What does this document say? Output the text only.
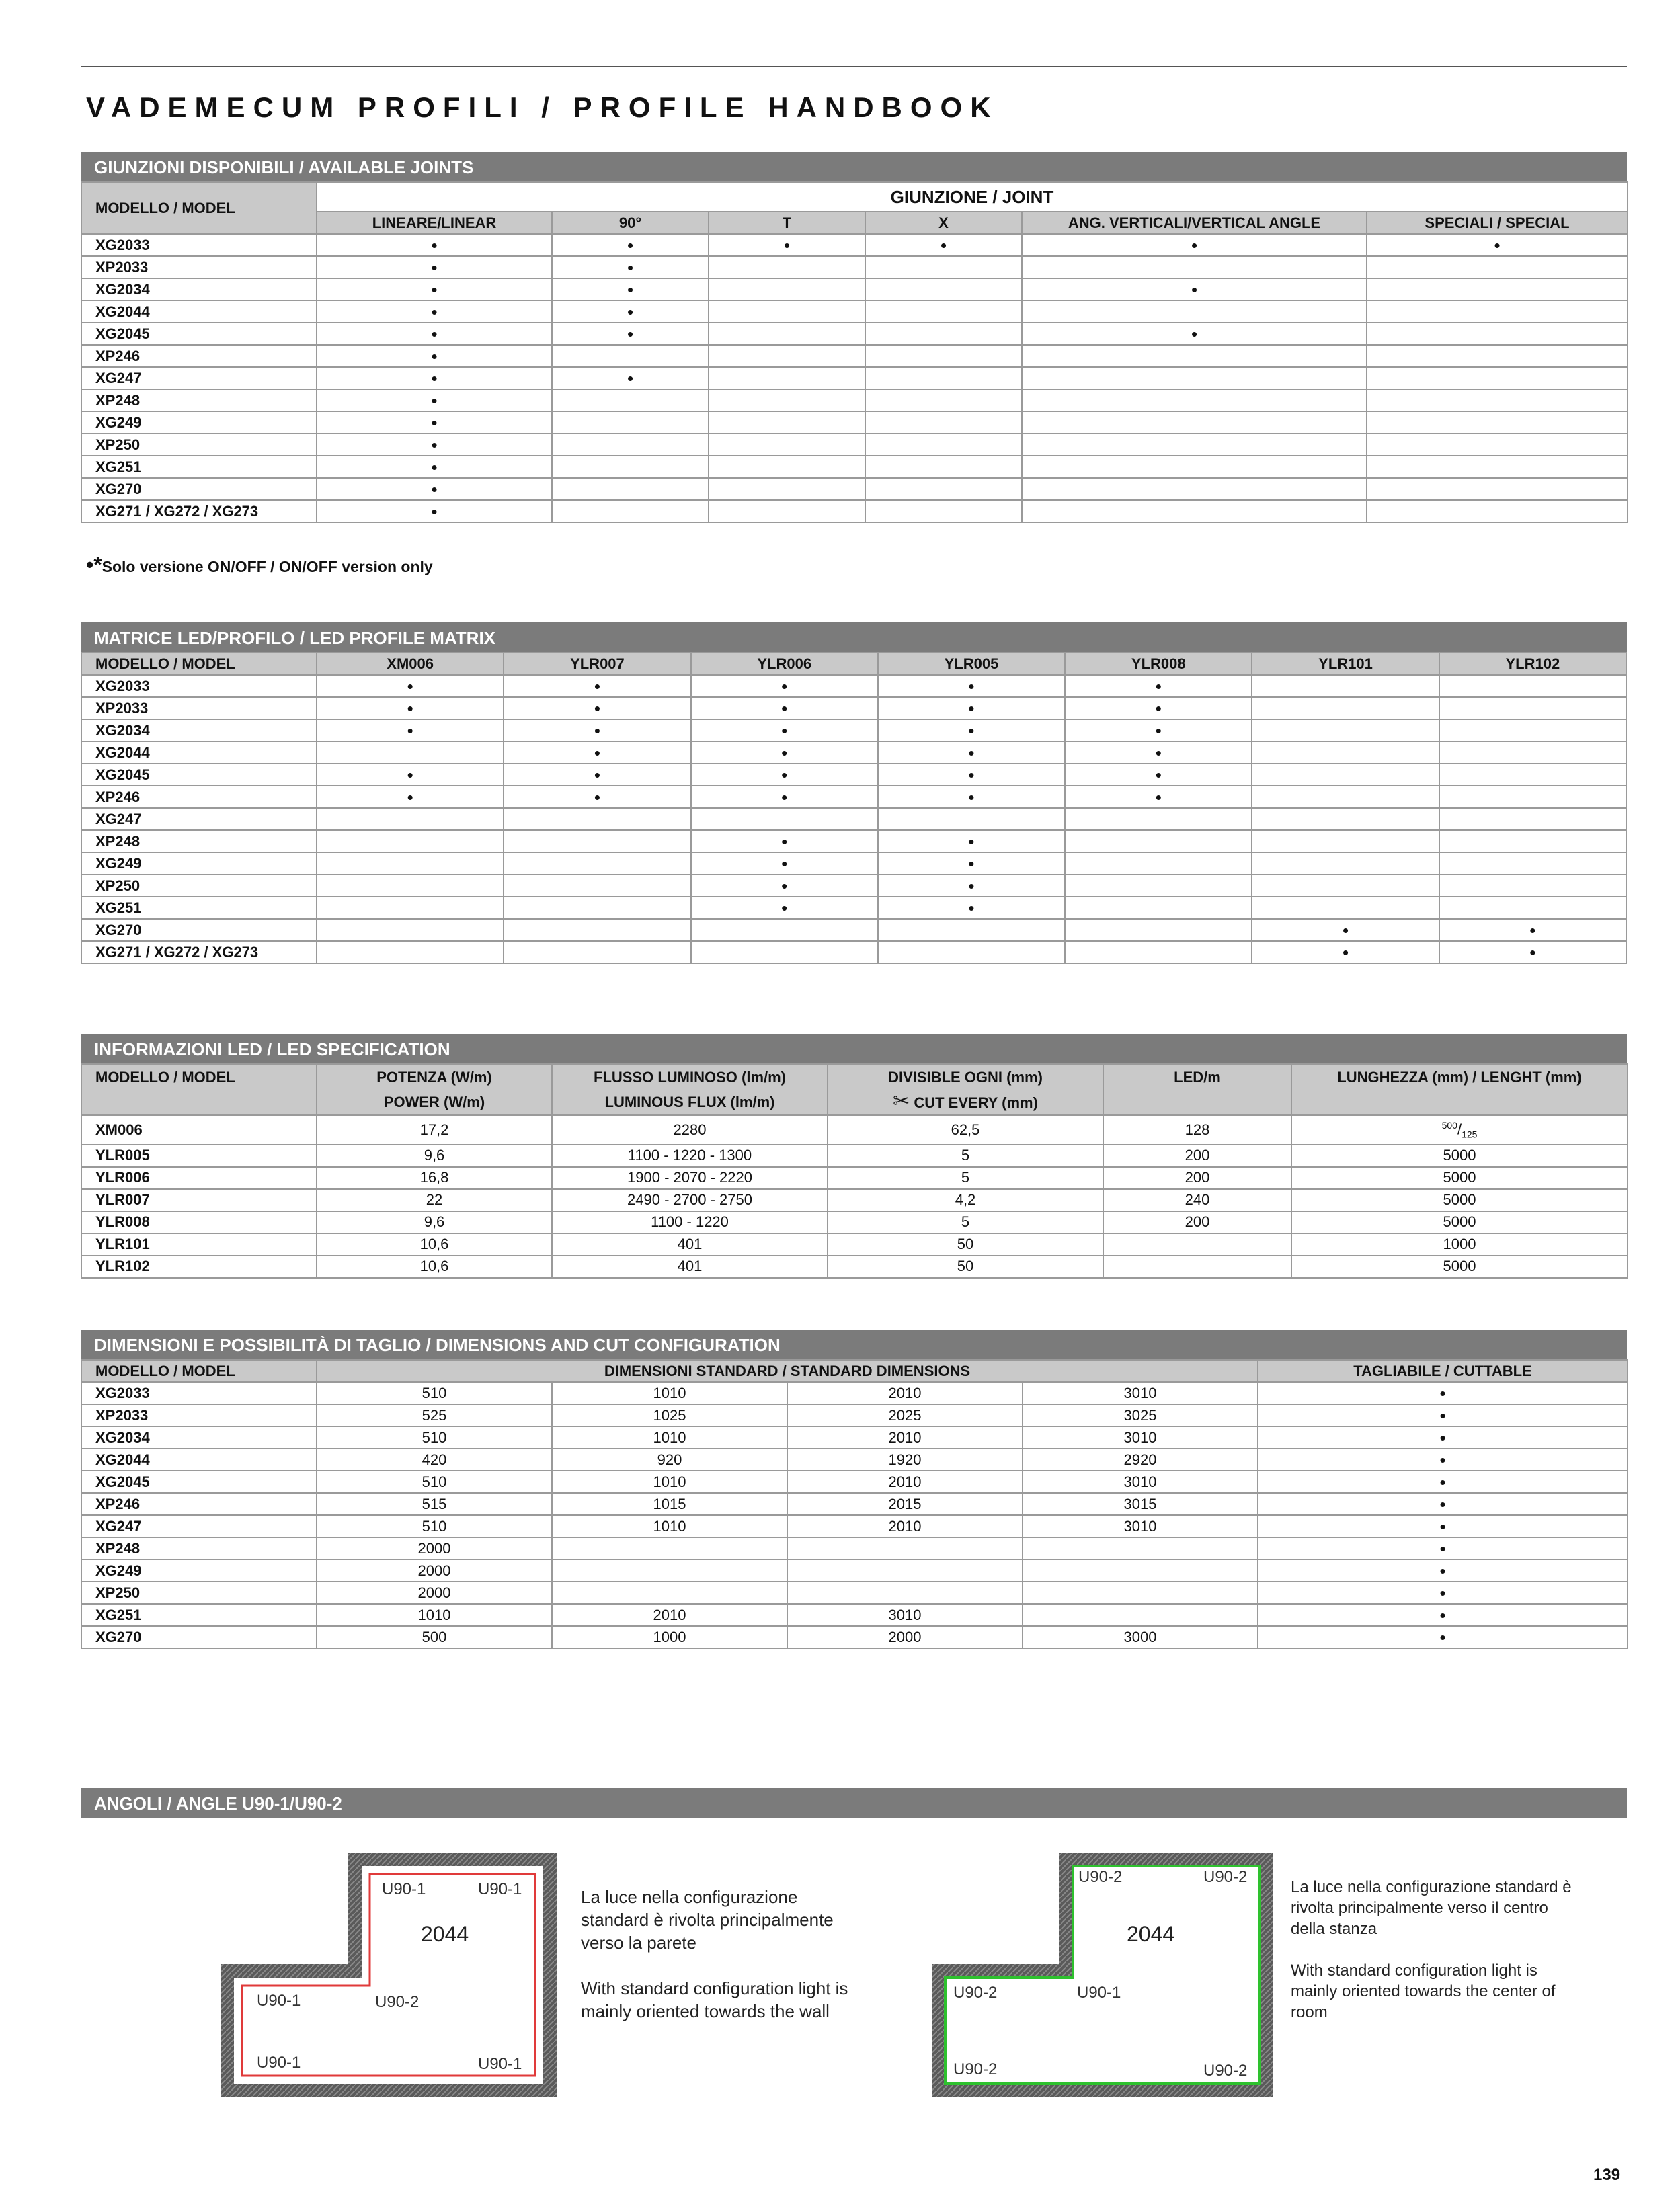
VADEMECUM PROFILI / PROFILE HANDBOOK
GIUNZIONI DISPONIBILI / AVAILABLE JOINTS
MODELLO / MODEL	GIUNZIONE / JOINT					
	LINEARE/LINEAR	90°	T	X	ANG. VERTICALI/VERTICAL ANGLE	SPECIALI / SPECIAL
XG2033	•	•	•	•	•	•
XP2033	•	•				
XG2034	•	•			•	
XG2044	•	•				
XG2045	•	•			•	
XP246	•					
XG247	•	•				
XP248	•					
XG249	•					
XP250	•					
XG251	•					
XG270	•					
XG271 / XG272 / XG273	•					
•*Solo versione ON/OFF / ON/OFF version only
MATRICE LED/PROFILO / LED PROFILE MATRIX
MODELLO / MODEL	XM006	YLR007	YLR006	YLR005	YLR008	YLR101	YLR102
XG2033	•	•	•	•	•		
XP2033	•	•	•	•	•		
XG2034	•	•	•	•	•		
XG2044		•	•	•	•		
XG2045	•	•	•	•	•		
XP246	•	•	•	•	•		
XG247							
XP248			•	•			
XG249			•	•			
XP250			•	•			
XG251			•	•			
XG270						•	•
XG271 / XG272 / XG273						•	•
INFORMAZIONI LED / LED SPECIFICATION
MODELLO / MODEL	POTENZA (W/m)	FLUSSO LUMINOSO (lm/m)	DIVISIBLE OGNI (mm)	LED/m	LUNGHEZZA (mm) / LENGHT (mm)
	POWER (W/m)	LUMINOUS FLUX (lm/m)	✂ CUT EVERY (mm)		
XM006	17,2	2280	62,5	128	$^{500}/_{125}$
YLR005	9,6	1100 - 1220 - 1300	5	200	5000
YLR006	16,8	1900 - 2070 - 2220	5	200	5000
YLR007	22	2490 - 2700 - 2750	4,2	240	5000
YLR008	9,6	1100 - 1220	5	200	5000
YLR101	10,6	401	50		1000
YLR102	10,6	401	50		5000
DIMENSIONI E POSSIBILITÀ DI TAGLIO / DIMENSIONS AND CUT CONFIGURATION
MODELLO / MODEL	DIMENSIONI STANDARD / STANDARD DIMENSIONS				TAGLIABILE / CUTTABLE
XG2033	510	1010	2010	3010	•
XP2033	525	1025	2025	3025	•
XG2034	510	1010	2010	3010	•
XG2044	420	920	1920	2920	•
XG2045	510	1010	2010	3010	•
XP246	515	1015	2015	3015	•
XG247	510	1010	2010	3010	•
XP248	2000				•
XG249	2000				•
XP250	2000				•
XG251	1010	2010	3010		•
XG270	500	1000	2000	3000	•
ANGOLI / ANGLE U90-1/U90-2
U90-1	U90-1
2044
U90-1	U90-2
U90-1	U90-1

La luce nella configurazione standard è rivolta principalmente verso la parete

With standard configuration light is mainly oriented towards the wall

U90-2	U90-2
2044
U90-2	U90-1
U90-2	U90-2

La luce nella configurazione standard è rivolta principalmente verso il centro della stanza

With standard configuration light is mainly oriented towards the center of room

139
